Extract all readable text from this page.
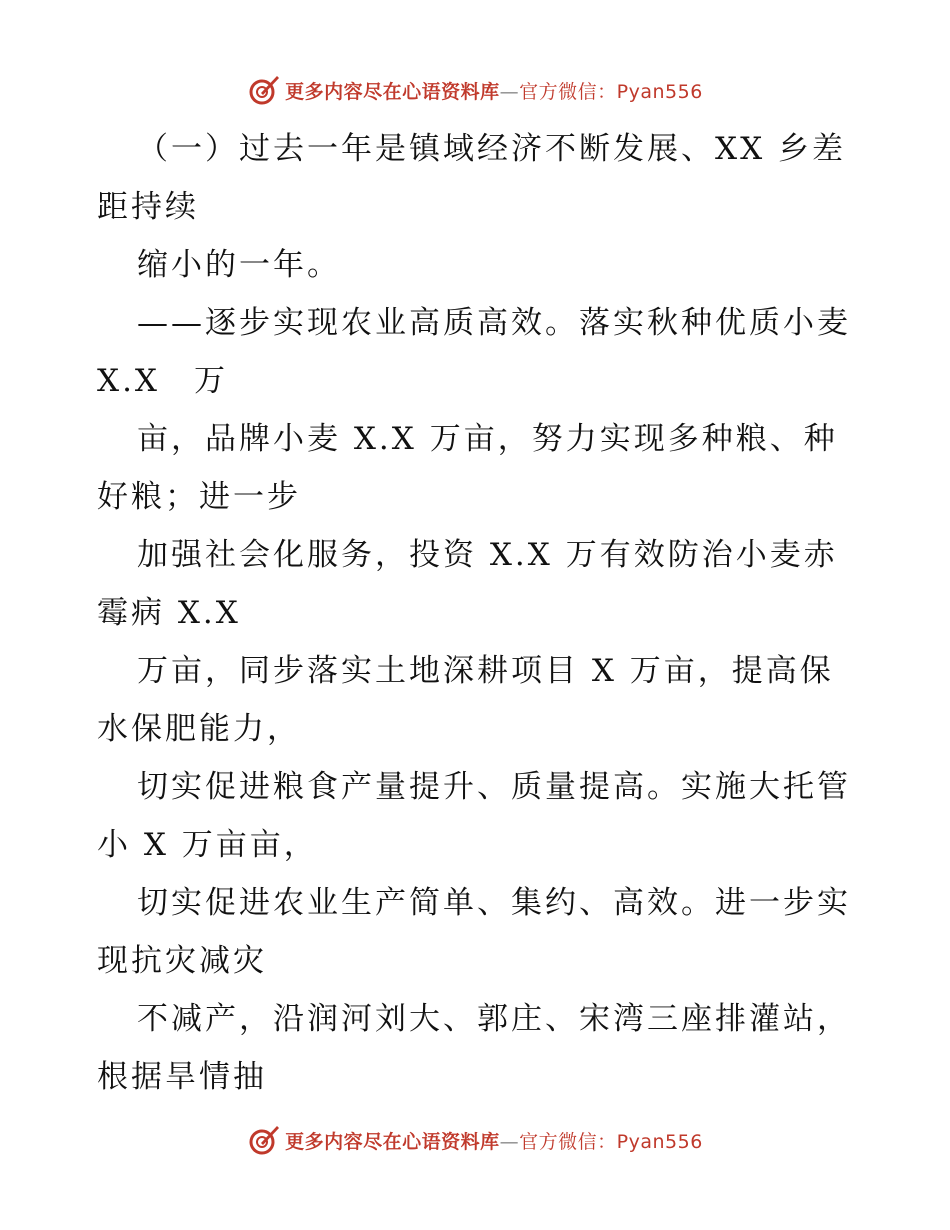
更多内容尽在心语资料库—官方微信：Pyan556
（一）过去一年是镇域经济不断发展、XX 乡差
距持续
缩小的一年。
——逐步实现农业高质高效。落实秋种优质小麦
X.X　万
亩，品牌小麦 X.X 万亩，努力实现多种粮、种
好粮；进一步
加强社会化服务，投资 X.X 万有效防治小麦赤
霉病 X.X
万亩，同步落实土地深耕项目 X 万亩，提高保
水保肥能力，
切实促进粮食产量提升、质量提高。实施大托管
小 X 万亩亩，
切实促进农业生产简单、集约、高效。进一步实
现抗灾减灾
不减产，沿润河刘大、郭庄、宋湾三座排灌站，
根据旱情抽
更多内容尽在心语资料库—官方微信：Pyan556
